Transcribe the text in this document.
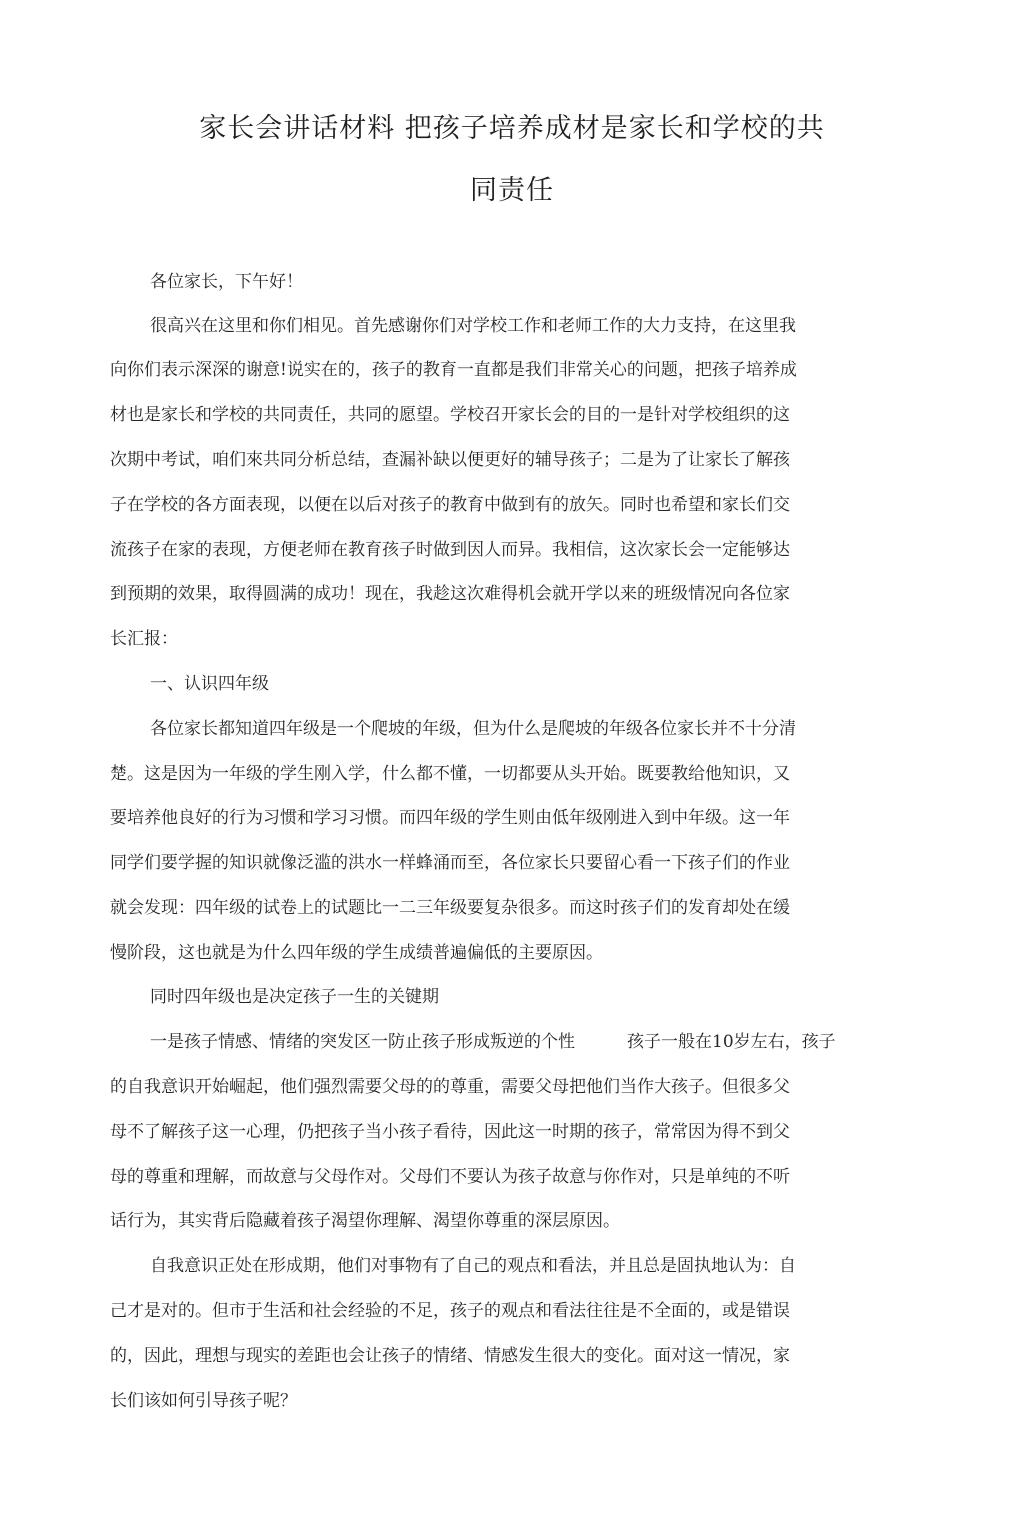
家长会讲话材料 把孩子培养成材是家长和学校的共
同责任
各位家长，下午好！
很高兴在这里和你们相见。首先感谢你们对学校工作和老师工作的大力支持，在这里我
向你们表示深深的谢意!说实在的，孩子的教育一直都是我们非常关心的问题，把孩子培养成
材也是家长和学校的共同责任，共同的愿望。学校召开家长会的目的一是针对学校组织的这
次期中考试，咱们來共同分析总结，查漏补缺以便更好的辅导孩子；二是为了让家长了解孩
子在学校的各方面表现，以便在以后对孩子的教育中做到有的放矢。同时也希望和家长们交
流孩子在家的表现，方便老师在教育孩子时做到因人而异。我相信，这次家长会一定能够达
到预期的效果，取得圆满的成功！现在，我趁这次难得机会就开学以来的班级情况向各位家
长汇报：
一、认识四年级
各位家长都知道四年级是一个爬坡的年级，但为什么是爬坡的年级各位家长并不十分清
楚。这是因为一年级的学生刚入学，什么都不懂，一切都要从头开始。既要教给他知识，又
要培养他良好的行为习惯和学习习惯。而四年级的学生则由低年级刚进入到中年级。这一年
同学们要学握的知识就像泛滥的洪水一样蜂涌而至，各位家长只要留心看一下孩子们的作业
就会发现：四年级的试卷上的试题比一二三年级要复杂很多。而这时孩子们的发育却处在缓
慢阶段，这也就是为什么四年级的学生成绩普遍偏低的主要原因。
同时四年级也是决定孩子一生的关键期
一是孩子情感、情绪的突发区一防止孩子形成叛逆的个性	孩子一般在10岁左右，孩子
的自我意识开始崛起，他们强烈需要父母的的尊重，需要父母把他们当作大孩子。但很多父
母不了解孩子这一心理，仍把孩子当小孩子看待，因此这一时期的孩子，常常因为得不到父
母的尊重和理解，而故意与父母作对。父母们不要认为孩子故意与你作对，只是单纯的不听
话行为，其实背后隐藏着孩子渴望你理解、渴望你尊重的深层原因。
自我意识正处在形成期，他们对事物有了自己的观点和看法，并且总是固执地认为：自
己才是对的。但市于生活和社会经验的不足，孩子的观点和看法往往是不全面的，或是错误
的，因此，理想与现实的差距也会让孩子的情绪、情感发生很大的变化。面对这一情况，家
长们该如何引导孩子呢？
